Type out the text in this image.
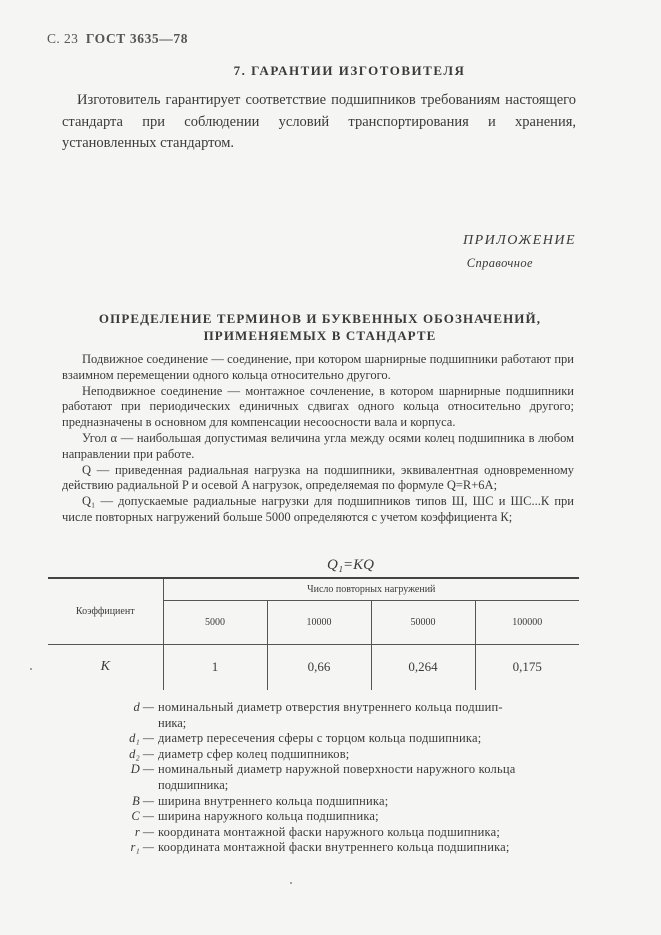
С. 23 ГОСТ 3635—78
7. ГАРАНТИИ ИЗГОТОВИТЕЛЯ
Изготовитель гарантирует соответствие подшипников требованиям настоящего стандарта при соблюдении условий транспортирования и хранения, установленных стандартом.
ПРИЛОЖЕНИЕ
Справочное
ОПРЕДЕЛЕНИЕ ТЕРМИНОВ И БУКВЕННЫХ ОБОЗНАЧЕНИЙ,
ПРИМЕНЯЕМЫХ В СТАНДАРТЕ

Подвижное соединение — соединение, при котором шарнирные подшипники работают при взаимном перемещении одного кольца относительно другого.

Неподвижное соединение — монтажное сочленение, в котором шарнирные подшипники работают при периодических единичных сдвигах одного кольца относительно другого; предназначены в основном для компенсации несоосности вала и корпуса.

Угол α — наибольшая допустимая величина угла между осями колец подшипника в любом направлении при работе.

Q — приведенная радиальная нагрузка на подшипники, эквивалентная одновременному действию радиальной P и осевой A нагрузок, определяемая по формуле Q=R+6A;

Q₁ — допускаемые радиальные нагрузки для подшипников типов Ш, ШС и ШС...К при числе повторных нагружений больше 5000 определяются с учетом коэффициента К;

Q₁=KQ
Коэффициент	Число повторных нагружений			
	5000	10000	50000	100000
K	1	0,66	0,264	0,175
d — номинальный диаметр отверстия внутреннего кольца подшип-
ника;
d₁ — диаметр пересечения сферы с торцом кольца подшипника;
d₂ — диаметр сфер колец подшипников;
D — номинальный диаметр наружной поверхности наружного кольца
подшипника;
B — ширина внутреннего кольца подшипника;
C — ширина наружного кольца подшипника;
r — координата монтажной фаски наружного кольца подшипника;
r₁ — координата монтажной фаски внутреннего кольца подшипника;
